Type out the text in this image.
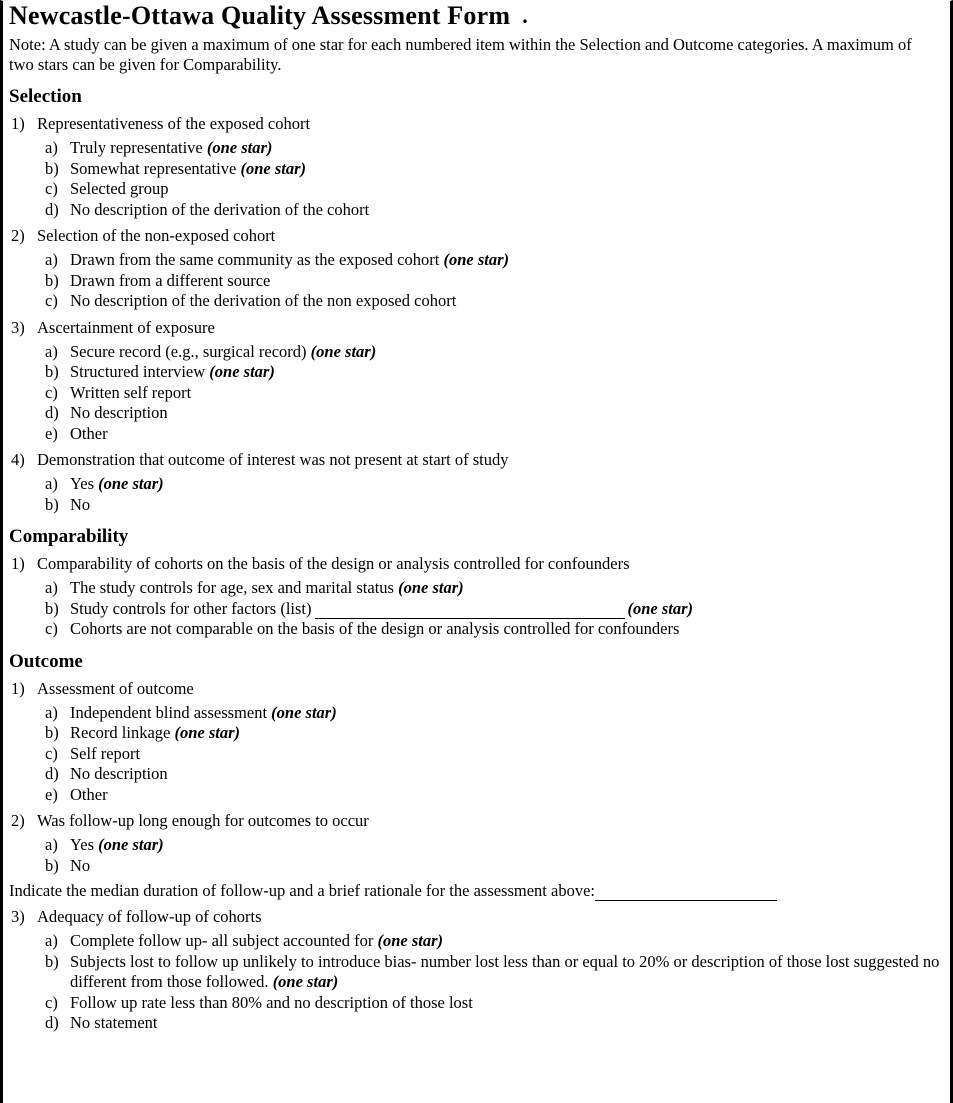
Newcastle-Ottawa Quality Assessment Form .

Note: A study can be given a maximum of one star for each numbered item within the Selection and Outcome categories. A maximum of two stars can be given for Comparability.

Selection
1) Representativeness of the exposed cohort
a) Truly representative (one star)
b) Somewhat representative (one star)
c) Selected group
d) No description of the derivation of the cohort
2) Selection of the non-exposed cohort
a) Drawn from the same community as the exposed cohort (one star)
b) Drawn from a different source
c) No description of the derivation of the non exposed cohort
3) Ascertainment of exposure
a) Secure record (e.g., surgical record) (one star)
b) Structured interview (one star)
c) Written self report
d) No description
e) Other
4) Demonstration that outcome of interest was not present at start of study
a) Yes (one star)
b) No
Comparability
1) Comparability of cohorts on the basis of the design or analysis controlled for confounders
a) The study controls for age, sex and marital status (one star)
b) Study controls for other factors (list)	(one star)
c) Cohorts are not comparable on the basis of the design or analysis controlled for confounders
Outcome
1) Assessment of outcome
a) Independent blind assessment (one star)
b) Record linkage (one star)
c) Self report
d) No description
e) Other
2) Was follow-up long enough for outcomes to occur
a) Yes (one star)
b) No
Indicate the median duration of follow-up and a brief rationale for the assessment above:
3) Adequacy of follow-up of cohorts
a) Complete follow up- all subject accounted for (one star)
b) Subjects lost to follow up unlikely to introduce bias- number lost less than or equal to 20% or description of those lost suggested no different from those followed. (one star)
c) Follow up rate less than 80% and no description of those lost
d) No statement
